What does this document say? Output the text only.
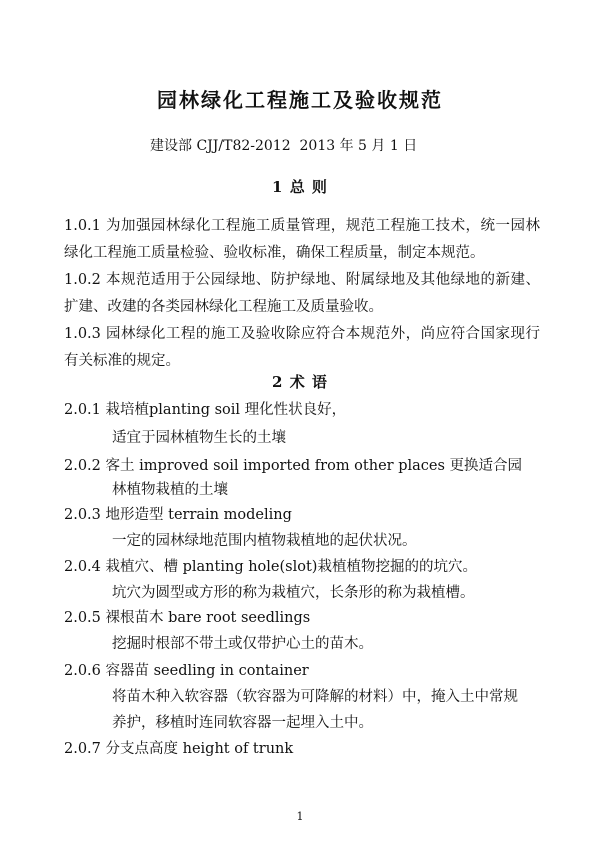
园林绿化工程施工及验收规范
建设部 CJJ/T82-2012  2013 年 5 月 1 日
1 总 则
1.0.1 为加强园林绿化工程施工质量管理，规范工程施工技术，统一园林绿化工程施工质量检验、验收标准，确保工程质量，制定本规范。
1.0.2 本规范适用于公园绿地、防护绿地、附属绿地及其他绿地的新建、扩建、改建的各类园林绿化工程施工及质量验收。
1.0.3 园林绿化工程的施工及验收除应符合本规范外，尚应符合国家现行有关标准的规定。
2 术 语
2.0.1 栽培植planting soil 理化性状良好，
适宜于园林植物生长的土壤
2.0.2 客土 improved soil imported from other places 更换适合园
林植物栽植的土壤
2.0.3 地形造型 terrain modeling
一定的园林绿地范围内植物栽植地的起伏状况。
2.0.4 栽植穴、槽 planting hole(slot)栽植植物挖掘的的坑穴。
坑穴为圆型或方形的称为栽植穴，长条形的称为栽植槽。
2.0.5 裸根苗木 bare root seedlings
挖掘时根部不带土或仅带护心土的苗木。
2.0.6 容器苗 seedling in container
将苗木种入软容器（软容器为可降解的材料）中，掩入土中常规
养护，移植时连同软容器一起埋入土中。
2.0.7 分支点高度 height of trunk
1
